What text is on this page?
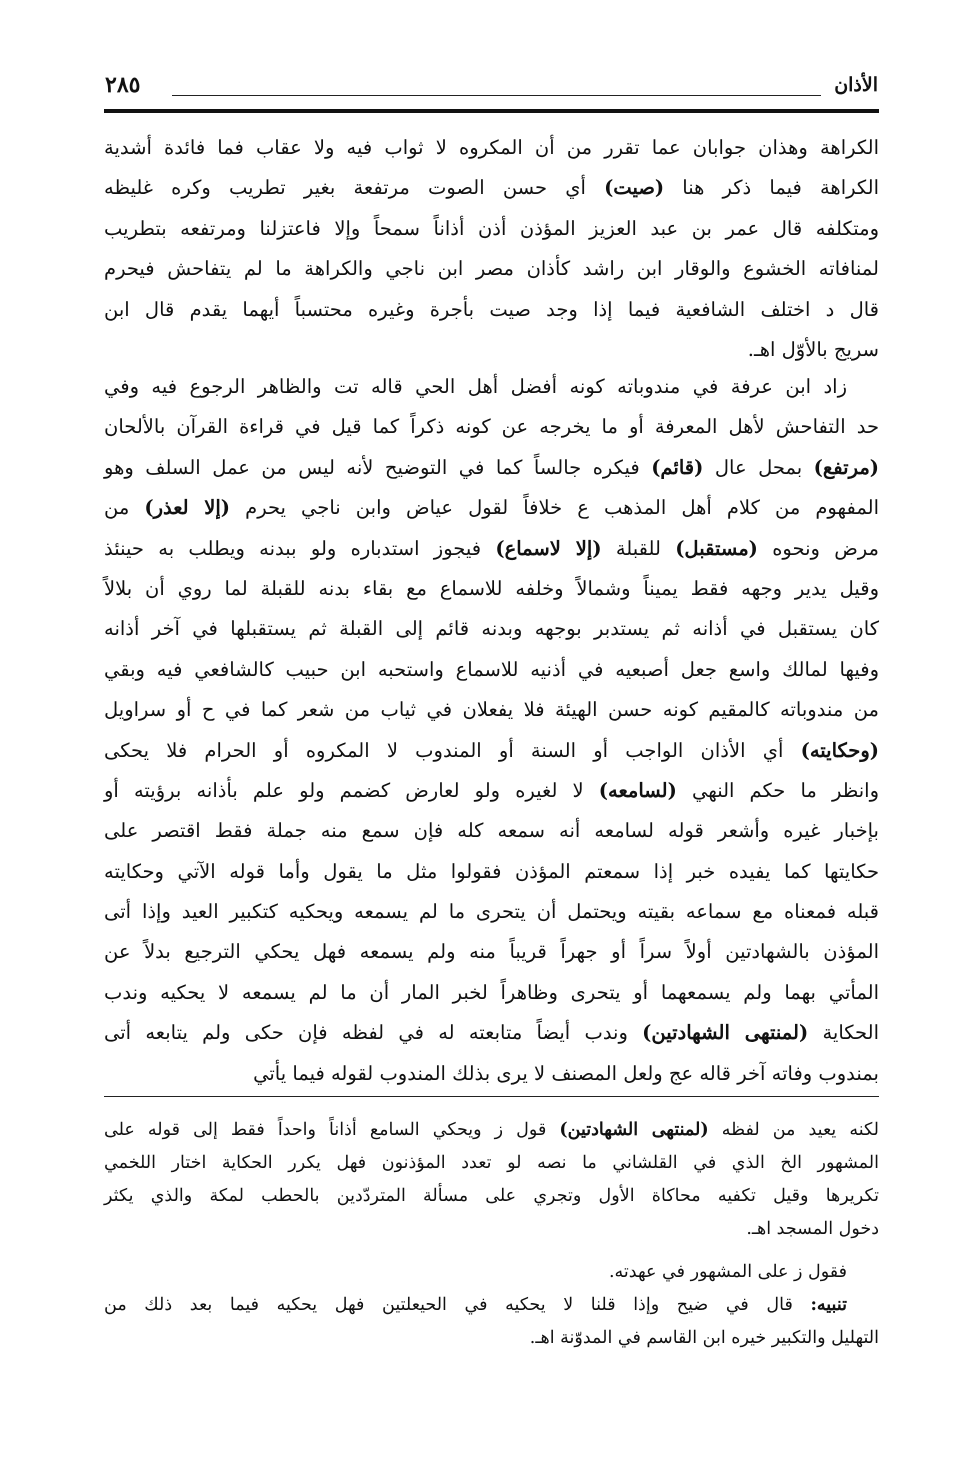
الأذان
٢٨٥
الكراهة وهذان جوابان عما تقرر من أن المكروه لا ثواب فيه ولا عقاب فما فائدة أشدية
الكراهة فيما ذكر هنا (صيت) أي حسن الصوت مرتفعة بغير تطريب وكره غليظه
ومتكلفه قال عمر بن عبد العزيز المؤذن أذن أذاناً سمحاً وإلا فاعتزلنا ومرتفعه بتطريب
لمنافاته الخشوع والوقار ابن راشد كأذان مصر ابن ناجي والكراهة ما لم يتفاحش فيحرم
قال د اختلف الشافعية فيما إذا وجد صيت بأجرة وغيره محتسباً أيهما يقدم قال ابن
سريج بالأوّل اهـ.
زاد ابن عرفة في مندوباته كونه أفضل أهل الحي قاله تت والظاهر الرجوع فيه وفي
حد التفاحش لأهل المعرفة أو ما يخرجه عن كونه ذكراً كما قيل في قراءة القرآن بالألحان
(مرتفع) بمحل عال (قائم) فيكره جالساً كما في التوضيح لأنه ليس من عمل السلف وهو
المفهوم من كلام أهل المذهب ع خلافاً لقول عياض وابن ناجي يحرم (إلا لعذر) من
مرض ونحوه (مستقبل) للقبلة (إلا لاسماع) فيجوز استدباره ولو ببدنه ويطلب به حينئذ
وقيل يدير وجهه فقط يميناً وشمالاً وخلفه للاسماع مع بقاء بدنه للقبلة لما روي أن بلالاً
كان يستقبل في أذانه ثم يستدبر بوجهه وبدنه قائم إلى القبلة ثم يستقبلها في آخر أذانه
وفيها لمالك واسع جعل أصبعيه في أذنيه للاسماع واستحبه ابن حبيب كالشافعي فيه وبقي
من مندوباته كالمقيم كونه حسن الهيئة فلا يفعلان في ثياب من شعر كما في ح أو سراويل
(وحكايته) أي الأذان الواجب أو السنة أو المندوب لا المكروه أو الحرام فلا يحكى
وانظر ما حكم النهي (لسامعه) لا لغيره ولو لعارض كضمم ولو علم بأذانه برؤيته أو
بإخبار غيره وأشعر قوله لسامعه أنه سمعه كله فإن سمع منه جملة فقط اقتصر على
حكايتها كما يفيده خبر إذا سمعتم المؤذن فقولوا مثل ما يقول وأما قوله الآتي وحكايته
قبله فمعناه مع سماعه بقيته ويحتمل أن يتحرى ما لم يسمعه ويحكيه كتكبير العيد وإذا أتى
المؤذن بالشهادتين أولاً سراً أو جهراً قريباً منه ولم يسمعه فهل يحكي الترجيع بدلاً عن
المأتي بهما ولم يسمعهما أو يتحرى وظاهراً لخبر المار أن ما لم يسمعه لا يحكيه وندب
الحكاية (لمنتهى الشهادتين) وندب أيضاً متابعته له في لفظه فإن حكى ولم يتابعه أتى
بمندوب وفاته آخر قاله عج ولعل المصنف لا يرى بذلك المندوب لقوله فيما يأتي
لكنه يعيد من لفظه (لمنتهى الشهادتين) قول ز ويحكي السامع أذاناً واحداً فقط إلى قوله على
المشهور الخ الذي في القلشاني ما نصه لو تعدد المؤذنون فهل يكرر الحكاية اختار اللخمي
تكريرها وقيل تكفيه محاكاة الأول وتجري على مسألة المتردّدين بالحطب لمكة والذي يكثر
دخول المسجد اهـ.
فقول ز على المشهور في عهدته.
تنبيه: قال في ضيح وإذا قلنا لا يحكيه في الحيعلتين فهل يحكيه فيما بعد ذلك من
التهليل والتكبير خيره ابن القاسم في المدوّنة اهـ.
